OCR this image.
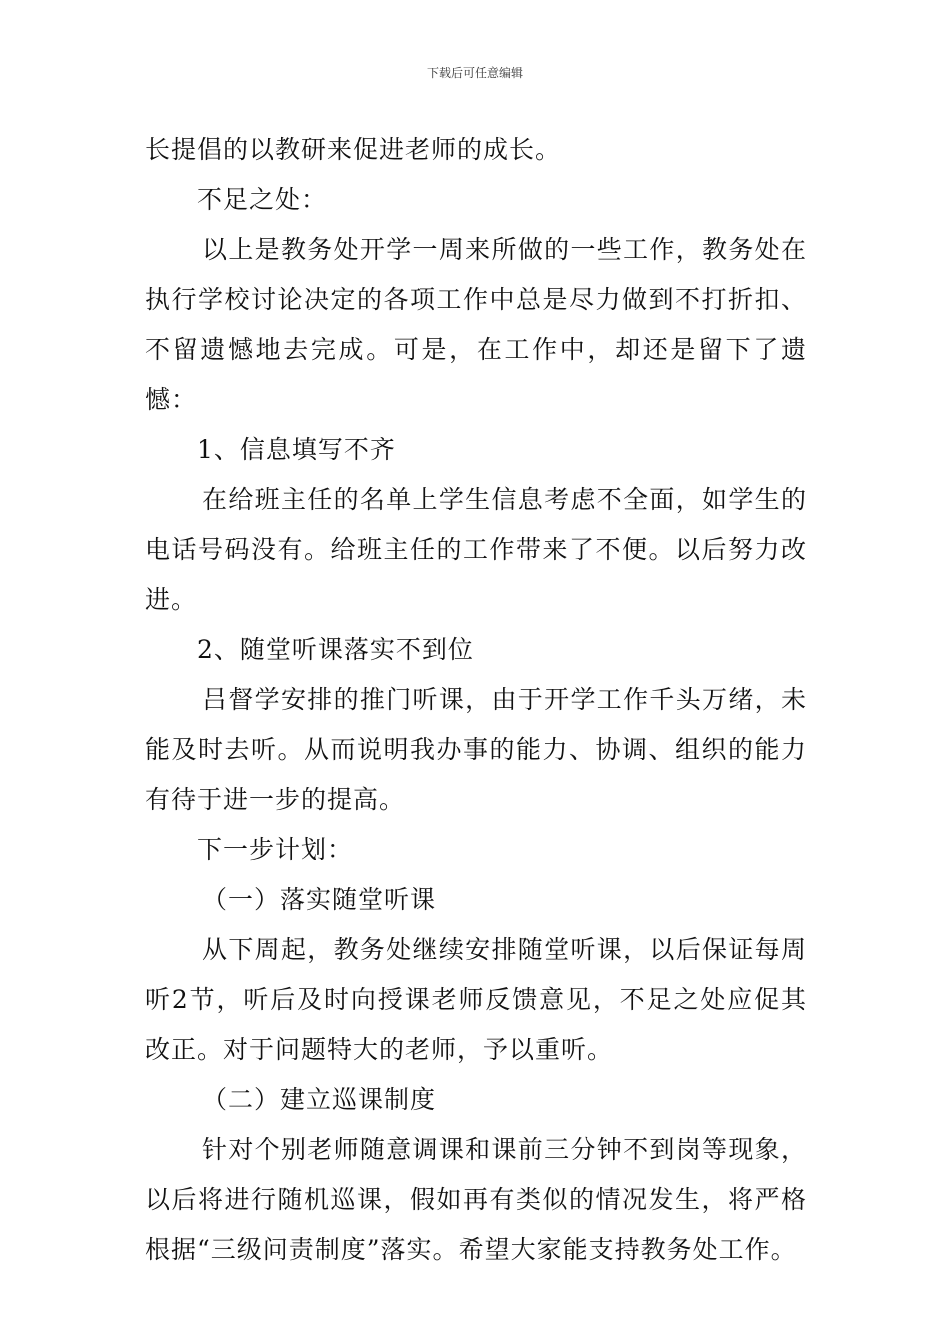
下载后可任意编辑

长提倡的以教研来促进老师的成长。

不足之处：

以上是教务处开学一周来所做的一些工作，教务处在执行学校讨论决定的各项工作中总是尽力做到不打折扣、不留遗憾地去完成。可是，在工作中，却还是留下了遗憾：

1、信息填写不齐

在给班主任的名单上学生信息考虑不全面，如学生的电话号码没有。给班主任的工作带来了不便。以后努力改进。

2、随堂听课落实不到位

吕督学安排的推门听课，由于开学工作千头万绪，未能及时去听。从而说明我办事的能力、协调、组织的能力有待于进一步的提高。

下一步计划：

（一）落实随堂听课

从下周起，教务处继续安排随堂听课，以后保证每周听2节，听后及时向授课老师反馈意见，不足之处应促其改正。对于问题特大的老师，予以重听。

（二）建立巡课制度

针对个别老师随意调课和课前三分钟不到岗等现象，以后将进行随机巡课，假如再有类似的情况发生，将严格根据“三级问责制度”落实。希望大家能支持教务处工作。
